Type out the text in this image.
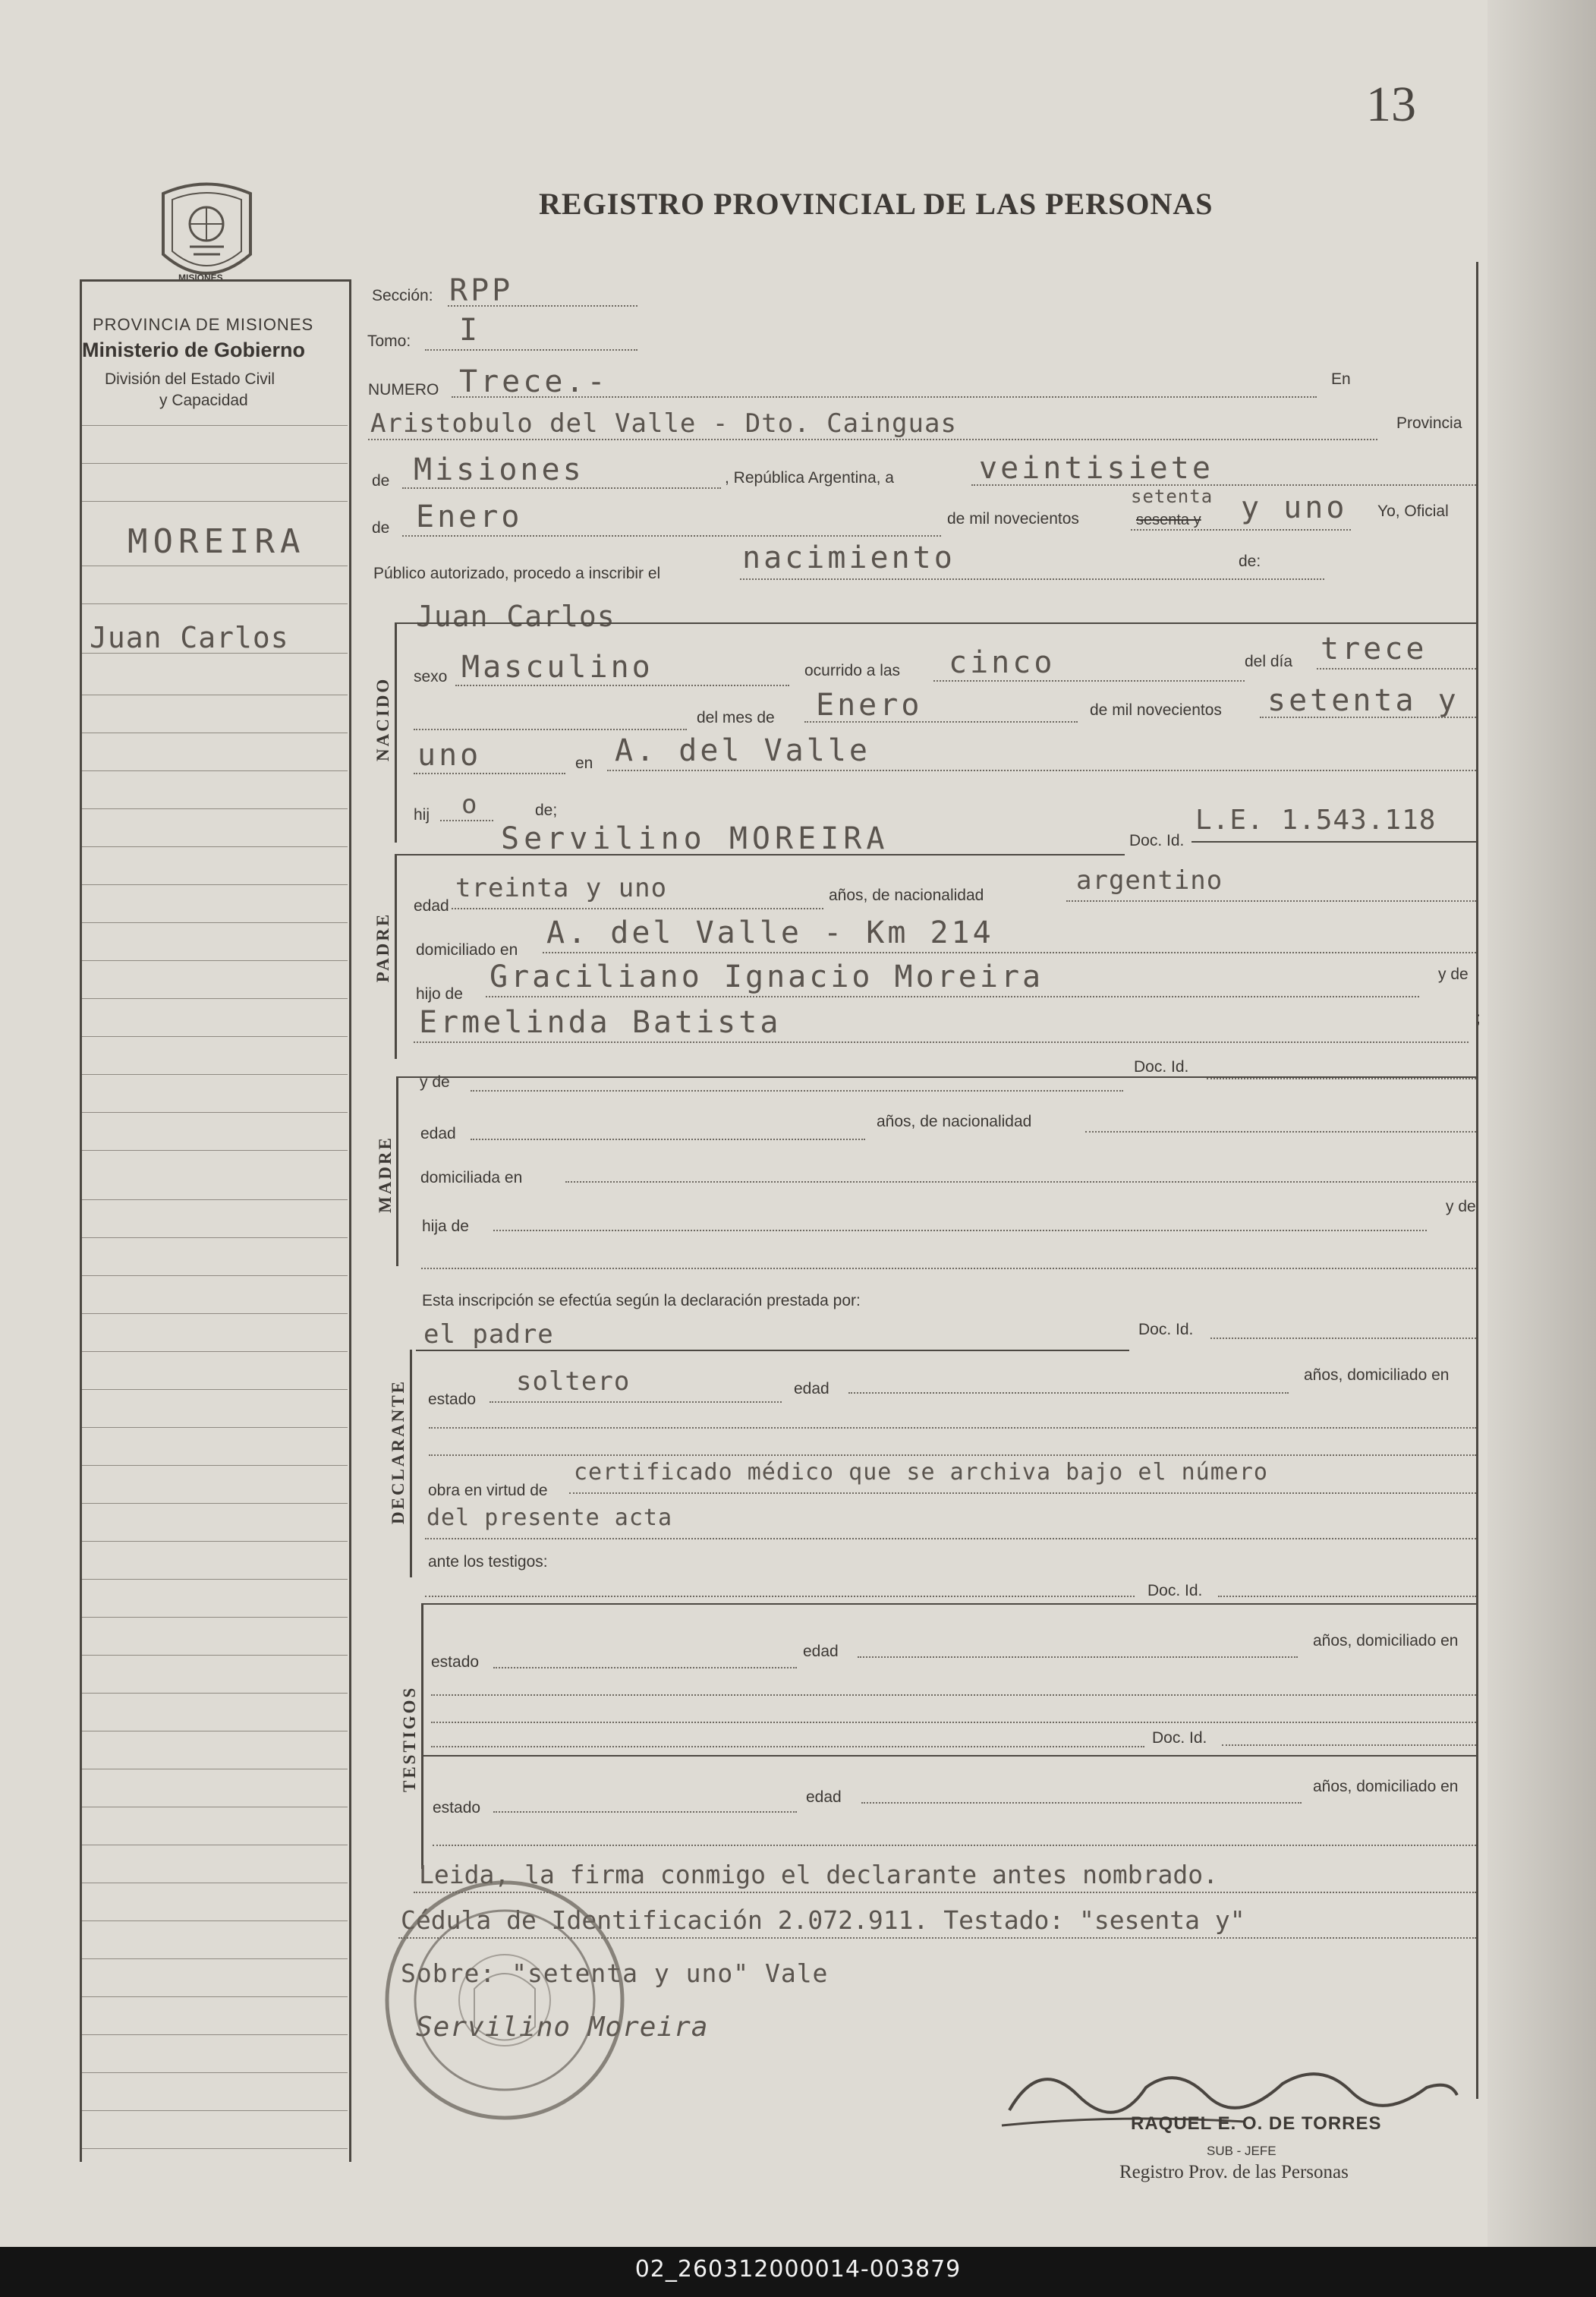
13
REGISTRO PROVINCIAL DE LAS PERSONAS
MISIONES
PROVINCIA DE MISIONES
Ministerio de Gobierno
División del Estado Civil
y Capacidad
MOREIRA
Juan Carlos
Sección: RPP
Tomo: I
NUMERO Trece.-	En
Aristobulo del Valle - Dto. Cainguas	Provincia
de Misiones	, República Argentina, a	veintisiete
de Enero	de mil novecientos	sesenta y
setenta y uno Yo, Oficial
Público autorizado, procedo a inscribir el	nacimiento	de:
Juan Carlos
NACIDO
sexo Masculino	ocurrido a las cinco	del día trece
del mes de Enero	de mil novecientos setenta y
uno	en A. del Valle
hij o	de;
Servilino MOREIRA	Doc. Id.
L.E. 1.543.118
PADRE
edad
treinta y uno	años, de nacionalidad	argentino
domiciliado en A. del Valle - Km 214
hijo de Graciliano Ignacio Moreira	y de
Ermelinda Batista	;
y de
Doc. Id.
MADRE
edad
años, de nacionalidad
domiciliada en
hija de
y de
Esta inscripción se efectúa según la declaración prestada por:
el padre	Doc. Id.
DECLARANTE estado
soltero	edad
años, domiciliado en
obra en virtud de
certificado médico que se archiva bajo el número
del presente acta
ante los testigos:
Doc. Id.
TESTIGOS
estado
edad
años, domiciliado en
Doc. Id.
estado
edad
años, domiciliado en
Leida, la firma conmigo el declarante antes nombrado.
Cédula de Identificación 2.072.911. Testado: "sesenta y"
Sobre: "setenta y uno" Vale
Servilino Moreira
RAQUEL E. O. DE TORRES
SUB - JEFE
Registro Prov. de las Personas
02_260312000014-003879
